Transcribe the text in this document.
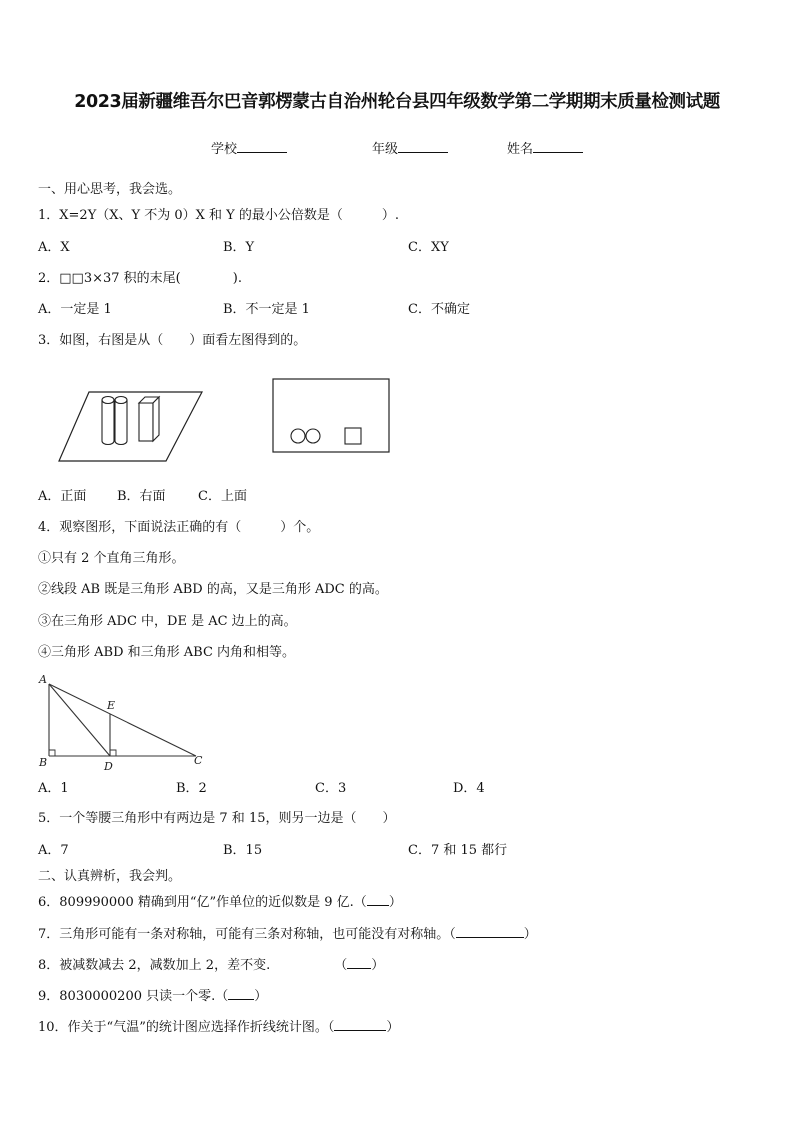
2023届新疆维吾尔巴音郭楞蒙古自治州轮台县四年级数学第二学期期末质量检测试题
学校	年级	姓名
一、用心思考，我会选。
1．X=2Y（X、Y 不为 0）X 和 Y 的最小公倍数是（　　　）.
A．X	B．Y	C．XY
2．□□3×37 积的末尾(　　　　).
A．一定是 1	B．不一定是 1	C．不确定
3．如图，右图是从（　　）面看左图得到的。
A．正面 B．右面 C．上面
4．观察图形，下面说法正确的有（　　　）个。
①只有 2 个直角三角形。
②线段 AB 既是三角形 ABD 的高，又是三角形 ADC 的高。
③在三角形 ADC 中，DE 是 AC 边上的高。
④三角形 ABD 和三角形 ABC 内角和相等。
A
B	C
D
E
A．1	B．2	C．3	D．4
5．一个等腰三角形中有两边是 7 和 15，则另一边是（　　）
A．7	B．15	C．7 和 15 都行
二、认真辨析，我会判。
6．809990000 精确到用“亿”作单位的近似数是 9 亿.（ ）
7．三角形可能有一条对称轴，可能有三条对称轴，也可能没有对称轴。（	）
8．被减数减去 2，减数加上 2，差不变.	（ ）
9．8030000200 只读一个零.（ ）
10．作关于“气温”的统计图应选择作折线统计图。（	）
